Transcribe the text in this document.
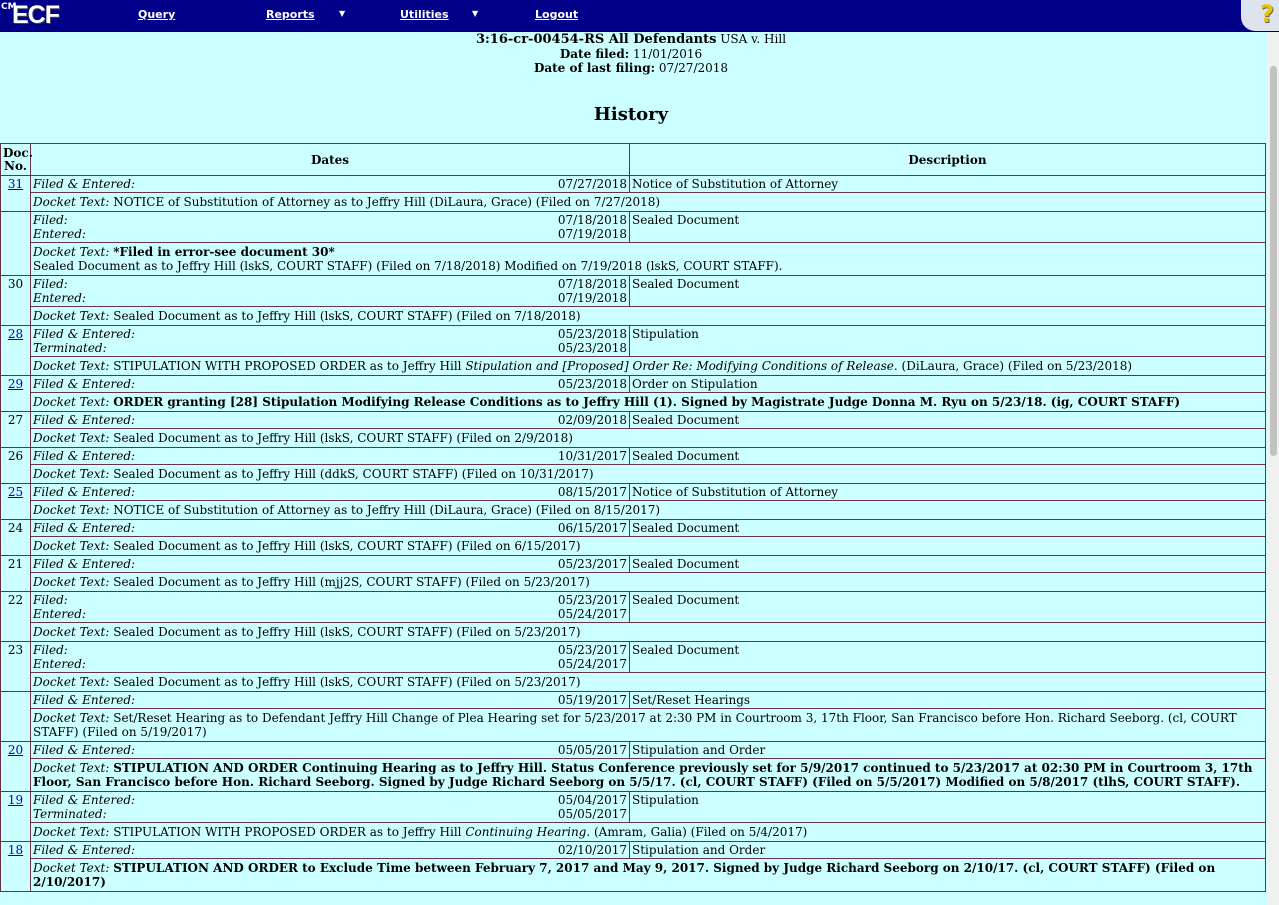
CM
ECF	Query	Reports	▼	Utilities	▼	Logout	?
3:16-cr-00454-RS All Defendants USA v. Hill
Date filed: 11/01/2016
Date of last filing: 07/27/2018
History
Doc. No.	Dates	Description
31	Filed & Entered: 07/27/2018	Notice of Substitution of Attorney
	Docket Text: NOTICE of Substitution of Attorney as to Jeffry Hill (DiLaura, Grace) (Filed on 7/27/2018)	

	Filed: 07/18/2018
Entered: 07/19/2018	Sealed Document
	Docket Text: *Filed in error-see document 30*
Sealed Document as to Jeffry Hill (lskS, COURT STAFF) (Filed on 7/18/2018) Modified on 7/19/2018 (lskS, COURT STAFF).	
30	Filed: 07/18/2018
Entered: 07/19/2018	Sealed Document
	Docket Text: Sealed Document as to Jeffry Hill (lskS, COURT STAFF) (Filed on 7/18/2018)	
28	Filed & Entered: 05/23/2018
Terminated: 05/23/2018	Stipulation
	Docket Text: STIPULATION WITH PROPOSED ORDER as to Jeffry Hill Stipulation and [Proposed] Order Re: Modifying Conditions of Release. (DiLaura, Grace) (Filed on 5/23/2018)	
29	Filed & Entered: 05/23/2018	Order on Stipulation
	Docket Text: ORDER granting [28] Stipulation Modifying Release Conditions as to Jeffry Hill (1). Signed by Magistrate Judge Donna M. Ryu on 5/23/18. (ig, COURT STAFF)	
27	Filed & Entered: 02/09/2018	Sealed Document
	Docket Text: Sealed Document as to Jeffry Hill (lskS, COURT STAFF) (Filed on 2/9/2018)	
26	Filed & Entered: 10/31/2017	Sealed Document
	Docket Text: Sealed Document as to Jeffry Hill (ddkS, COURT STAFF) (Filed on 10/31/2017)	
25	Filed & Entered: 08/15/2017	Notice of Substitution of Attorney
	Docket Text: NOTICE of Substitution of Attorney as to Jeffry Hill (DiLaura, Grace) (Filed on 8/15/2017)	
24	Filed & Entered: 06/15/2017	Sealed Document
	Docket Text: Sealed Document as to Jeffry Hill (lskS, COURT STAFF) (Filed on 6/15/2017)	
21	Filed & Entered: 05/23/2017	Sealed Document
	Docket Text: Sealed Document as to Jeffry Hill (mjj2S, COURT STAFF) (Filed on 5/23/2017)	
22	Filed: 05/23/2017
Entered: 05/24/2017	Sealed Document
	Docket Text: Sealed Document as to Jeffry Hill (lskS, COURT STAFF) (Filed on 5/23/2017)	
23	Filed: 05/23/2017
Entered: 05/24/2017	Sealed Document
	Docket Text: Sealed Document as to Jeffry Hill (lskS, COURT STAFF) (Filed on 5/23/2017)	

	Filed & Entered: 05/19/2017	Set/Reset Hearings
	Docket Text: Set/Reset Hearing as to Defendant Jeffry Hill Change of Plea Hearing set for 5/23/2017 at 2:30 PM in Courtroom 3, 17th Floor, San Francisco before Hon. Richard Seeborg. (cl, COURT STAFF) (Filed on 5/19/2017)	
20	Filed & Entered: 05/05/2017	Stipulation and Order
	Docket Text: STIPULATION AND ORDER Continuing Hearing as to Jeffry Hill. Status Conference previously set for 5/9/2017 continued to 5/23/2017 at 02:30 PM in Courtroom 3, 17th Floor, San Francisco before Hon. Richard Seeborg. Signed by Judge Richard Seeborg on 5/5/17. (cl, COURT STAFF) (Filed on 5/5/2017) Modified on 5/8/2017 (tlhS, COURT STAFF).	
19	Filed & Entered: 05/04/2017
Terminated: 05/05/2017	Stipulation
	Docket Text: STIPULATION WITH PROPOSED ORDER as to Jeffry Hill Continuing Hearing. (Amram, Galia) (Filed on 5/4/2017)	
18	Filed & Entered: 02/10/2017	Stipulation and Order
	Docket Text: STIPULATION AND ORDER to Exclude Time between February 7, 2017 and May 9, 2017. Signed by Judge Richard Seeborg on 2/10/17. (cl, COURT STAFF) (Filed on 2/10/2017)	
